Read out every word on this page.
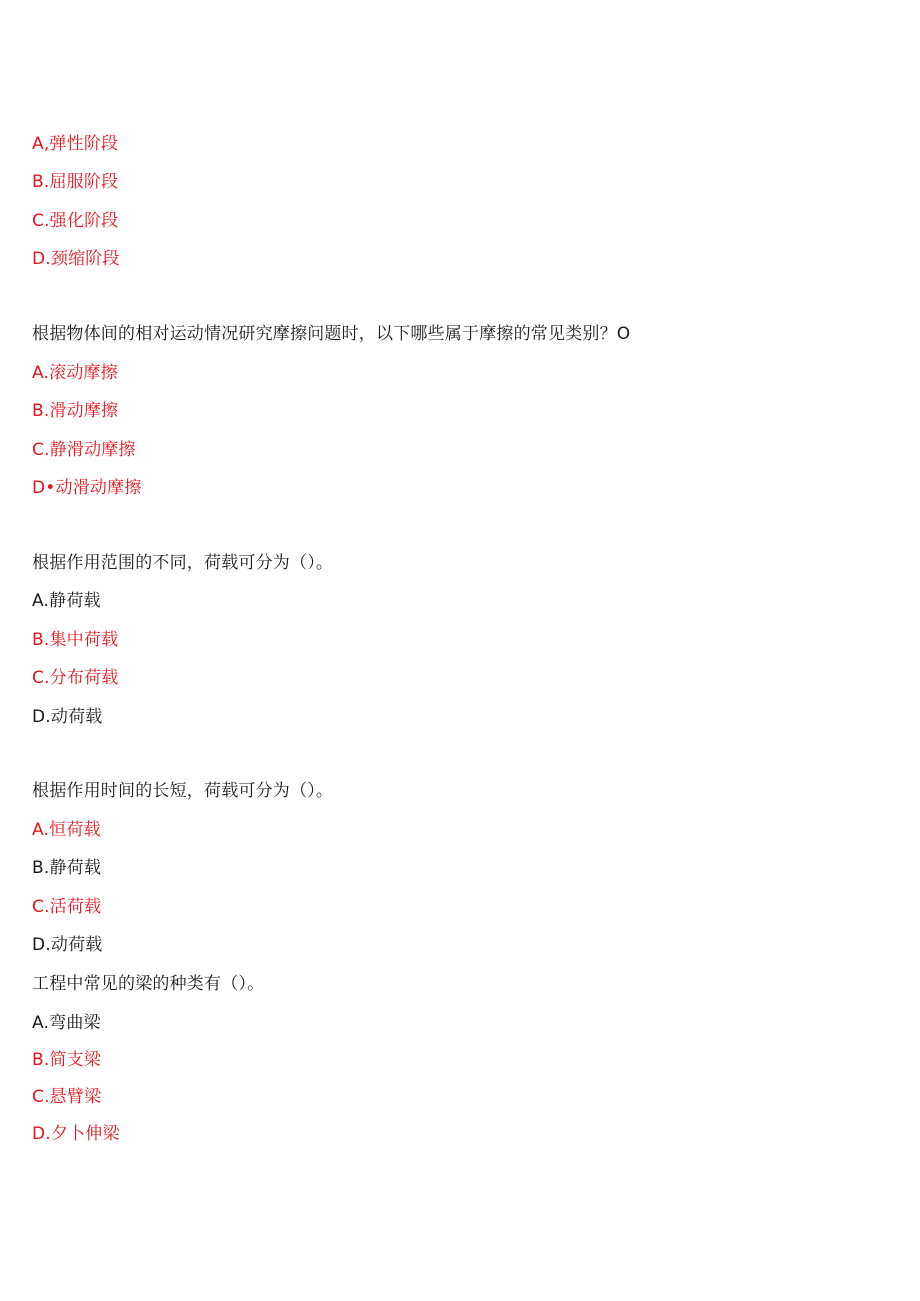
A,弹性阶段
B.屈服阶段
C.强化阶段
D.颈缩阶段
根据物体间的相对运动情况研究摩擦问题时，以下哪些属于摩擦的常见类别？O
A.滚动摩擦
B.滑动摩擦
C.静滑动摩擦
D•动滑动摩擦
根据作用范围的不同，荷载可分为（）。
A.静荷载
B.集中荷载
C.分布荷载
D.动荷载
根据作用时间的长短，荷载可分为（）。
A.恒荷载
B.静荷载
C.活荷载
D.动荷载
工程中常见的梁的种类有（）。
A.弯曲梁
B.简支梁
C.悬臂梁
D.夕卜伸梁
